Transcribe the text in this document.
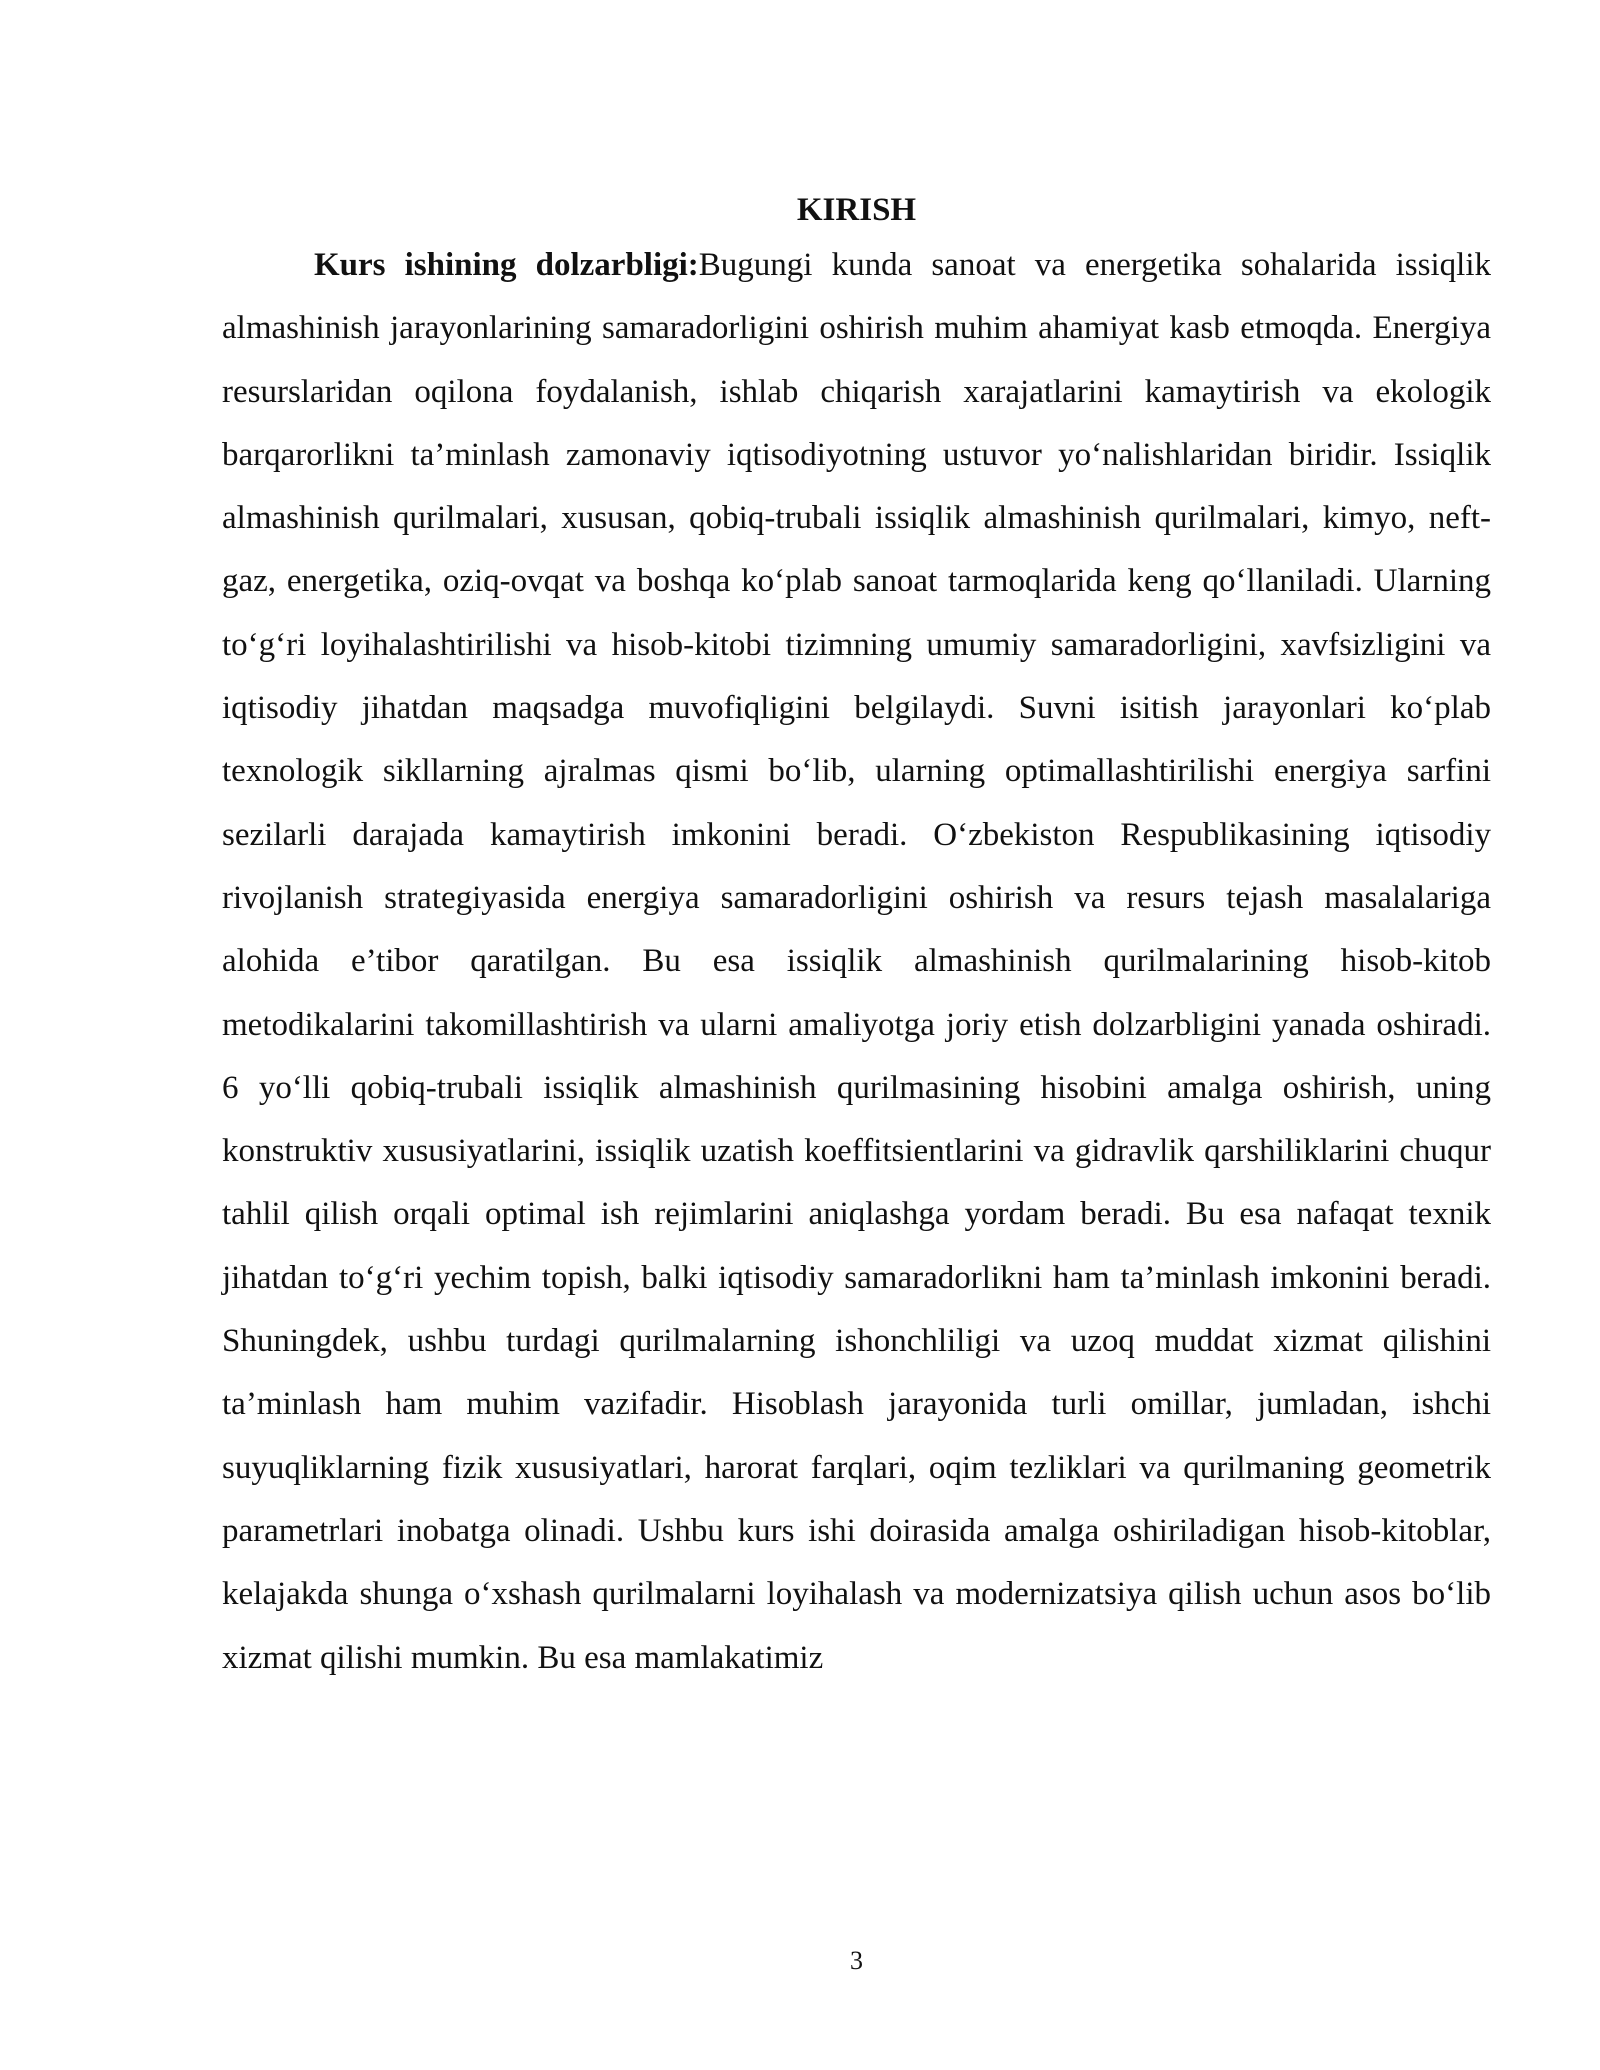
KIRISH

Kurs ishining dolzarbligi:Bugungi kunda sanoat va energetika sohalarida issiqlik almashinish jarayonlarining samaradorligini oshirish muhim ahamiyat kasb etmoqda. Energiya resurslaridan oqilona foydalanish, ishlab chiqarish xarajatlarini kamaytirish va ekologik barqarorlikni ta’minlash zamonaviy iqtisodiyotning ustuvor yo‘nalishlaridan biridir. Issiqlik almashinish qurilmalari, xususan, qobiq-trubali issiqlik almashinish qurilmalari, kimyo, neft-gaz, energetika, oziq-ovqat va boshqa ko‘plab sanoat tarmoqlarida keng qo‘llaniladi. Ularning to‘g‘ri loyihalashtirilishi va hisob-kitobi tizimning umumiy samaradorligini, xavfsizligini va iqtisodiy jihatdan maqsadga muvofiqligini belgilaydi. Suvni isitish jarayonlari ko‘plab texnologik sikllarning ajralmas qismi bo‘lib, ularning optimallashtirilishi energiya sarfini sezilarli darajada kamaytirish imkonini beradi. O‘zbekiston Respublikasining iqtisodiy rivojlanish strategiyasida energiya samaradorligini oshirish va resurs tejash masalalariga alohida e’tibor qaratilgan. Bu esa issiqlik almashinish qurilmalarining hisob-kitob metodikalarini takomillashtirish va ularni amaliyotga joriy etish dolzarbligini yanada oshiradi. 6 yo‘lli qobiq-trubali issiqlik almashinish qurilmasining hisobini amalga oshirish, uning konstruktiv xususiyatlarini, issiqlik uzatish koeffitsientlarini va gidravlik qarshiliklarini chuqur tahlil qilish orqali optimal ish rejimlarini aniqlashga yordam beradi. Bu esa nafaqat texnik jihatdan to‘g‘ri yechim topish, balki iqtisodiy samaradorlikni ham ta’minlash imkonini beradi. Shuningdek, ushbu turdagi qurilmalarning ishonchliligi va uzoq muddat xizmat qilishini ta’minlash ham muhim vazifadir. Hisoblash jarayonida turli omillar, jumladan, ishchi suyuqliklarning fizik xususiyatlari, harorat farqlari, oqim tezliklari va qurilmaning geometrik parametrlari inobatga olinadi. Ushbu kurs ishi doirasida amalga oshiriladigan hisob-kitoblar, kelajakda shunga o‘xshash qurilmalarni loyihalash va modernizatsiya qilish uchun asos bo‘lib xizmat qilishi mumkin. Bu esa mamlakatimiz

3
